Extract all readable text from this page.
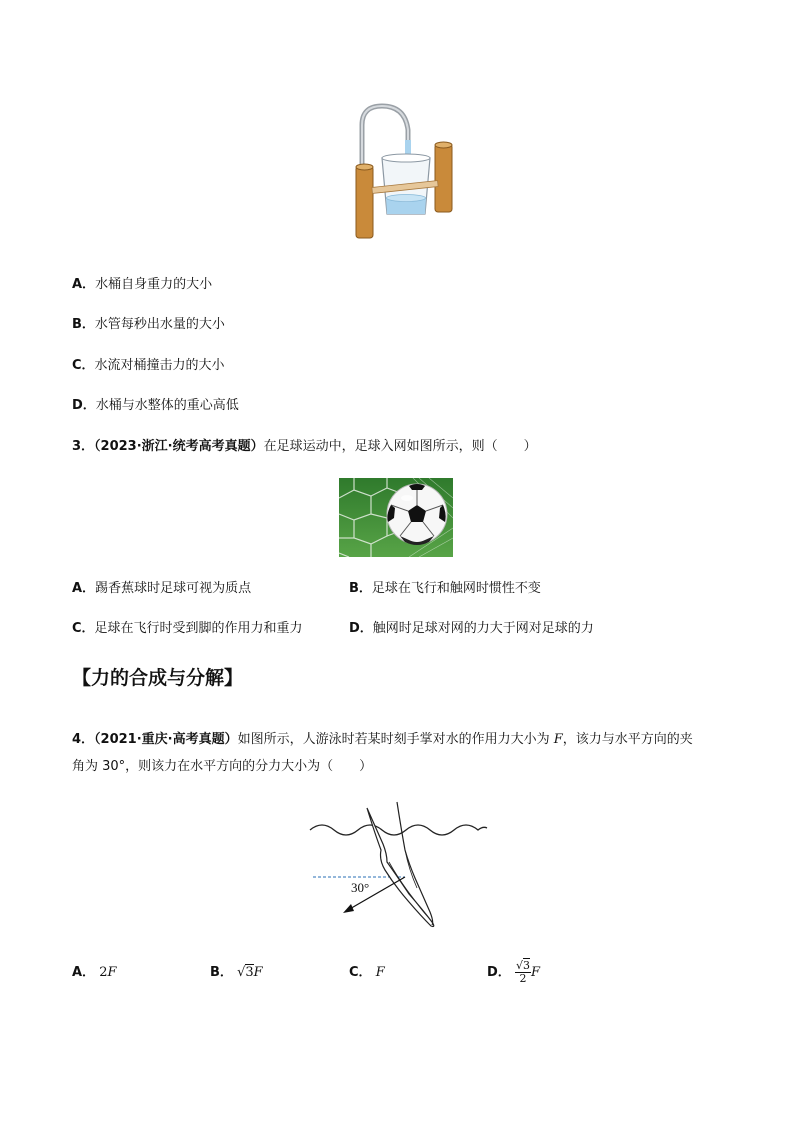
A．水桶自身重力的大小
B．水管每秒出水量的大小
C．水流对桶撞击力的大小
D．水桶与水整体的重心高低
3．（2023·浙江·统考高考真题）在足球运动中，足球入网如图所示，则（　　）
A．踢香蕉球时足球可视为质点	B．足球在飞行和触网时惯性不变
C．足球在飞行时受到脚的作用力和重力	D．触网时足球对网的力大于网对足球的力
【力的合成与分解】
4．（2021·重庆·高考真题）如图所示，人游泳时若某时刻手掌对水的作用力大小为 F，该力与水平方向的夹
角为 30°，则该力在水平方向的分力大小为（　　）
30°
A． 2F	B． √3F	C． F	D． $\frac{√3}{2}$ F
